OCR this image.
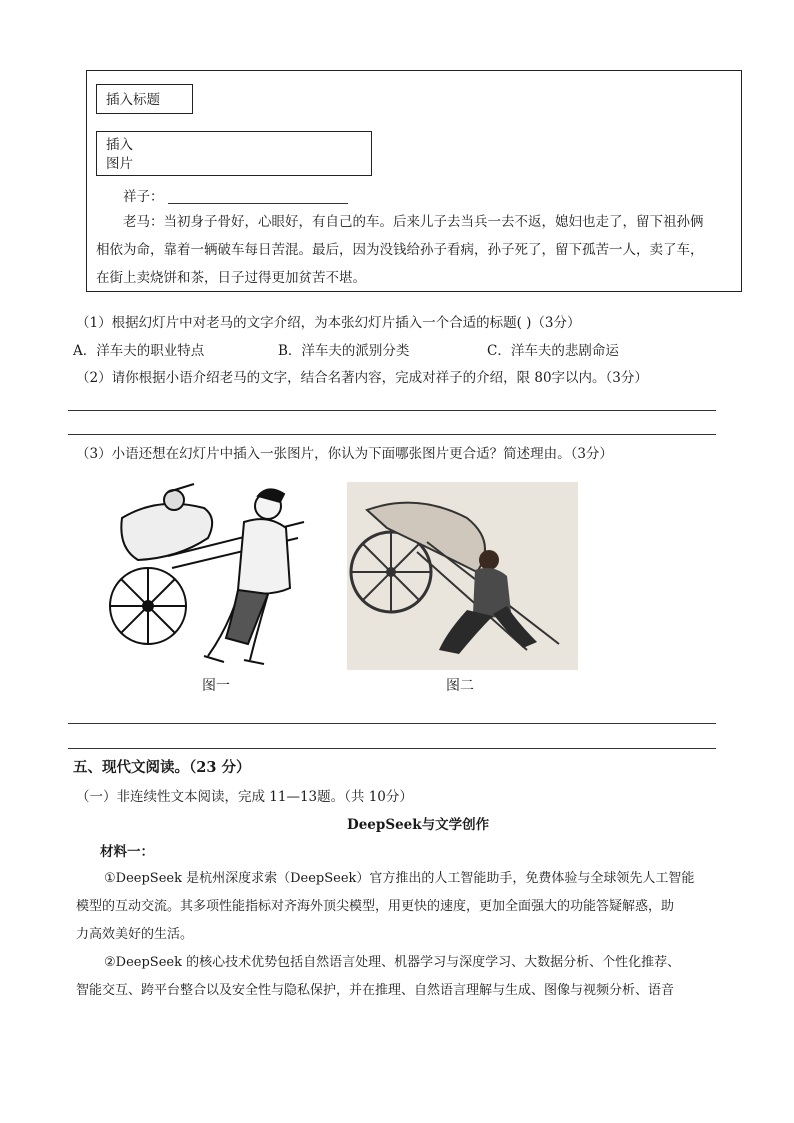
插入标题
插入
图片
祥子：
老马：当初身子骨好，心眼好，有自己的车。后来儿子去当兵一去不返，媳妇也走了，留下祖孙俩
相依为命，靠着一辆破车每日苦混。最后，因为没钱给孙子看病，孙子死了，留下孤苦一人，卖了车，
在街上卖烧饼和茶，日子过得更加贫苦不堪。
（1）根据幻灯片中对老马的文字介绍，为本张幻灯片插入一个合适的标题( )（3分）
A．洋车夫的职业特点	B．洋车夫的派别分类	C．洋车夫的悲剧命运
（2）请你根据小语介绍老马的文字，结合名著内容，完成对祥子的介绍，限 80字以内。（3分）
（3）小语还想在幻灯片中插入一张图片，你认为下面哪张图片更合适？简述理由。（3分）
图一	图二
五、现代文阅读。（23 分）
（一）非连续性文本阅读，完成 11—13题。（共 10分）
DeepSeek与文学创作
材料一：
①DeepSeek 是杭州深度求索（DeepSeek）官方推出的人工智能助手，免费体验与全球领先人工智能
模型的互动交流。其多项性能指标对齐海外顶尖模型，用更快的速度，更加全面强大的功能答疑解惑，助
力高效美好的生活。
②DeepSeek 的核心技术优势包括自然语言处理、机器学习与深度学习、大数据分析、个性化推荐、
智能交互、跨平台整合以及安全性与隐私保护，并在推理、自然语言理解与生成、图像与视频分析、语音
